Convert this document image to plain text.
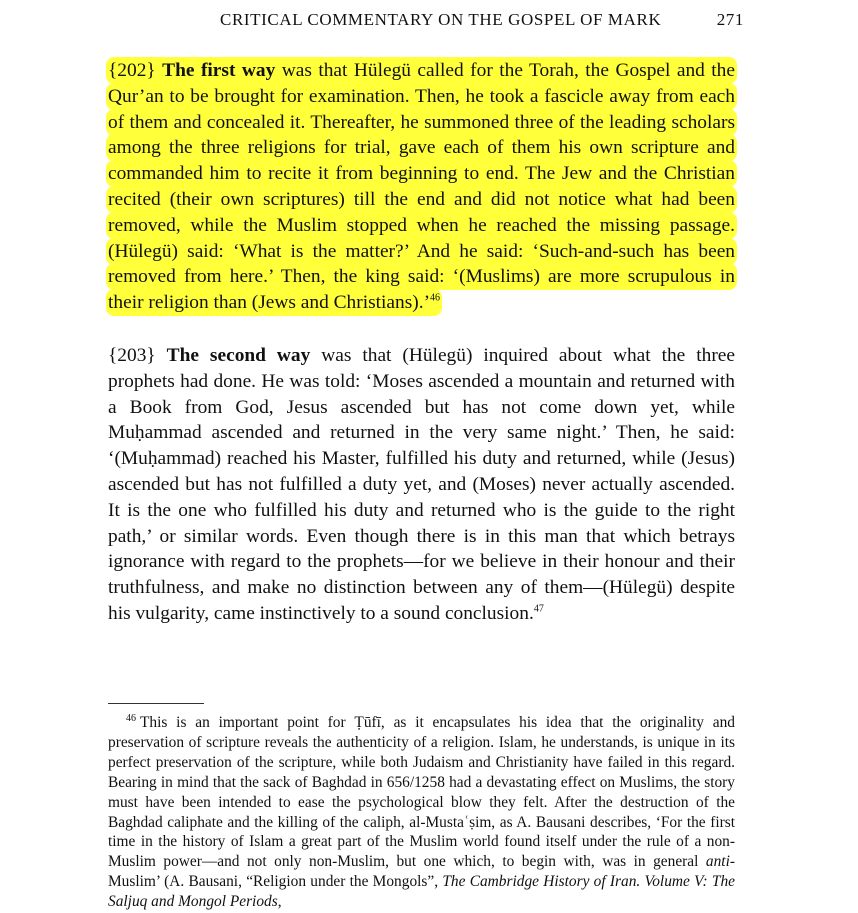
CRITICAL COMMENTARY ON THE GOSPEL OF MARK	271
{202} The first way was that Hülegü called for the Torah, the Gospel and the Qur’an to be brought for examination. Then, he took a fascicle away from each of them and concealed it. Thereafter, he summoned three of the leading scholars among the three religions for trial, gave each of them his own scripture and commanded him to recite it from beginning to end. The Jew and the Christian recited (their own scriptures) till the end and did not notice what had been removed, while the Muslim stopped when he reached the missing passage. (Hülegü) said: ‘What is the matter?’ And he said: ‘Such-and-such has been removed from here.’ Then, the king said: ‘(Muslims) are more scrupulous in their religion than (Jews and Christians).’$^{46}$
{203} The second way was that (Hülegü) inquired about what the three prophets had done. He was told: ‘Moses ascended a mountain and returned with a Book from God, Jesus ascended but has not come down yet, while Muḥammad ascended and returned in the very same night.’ Then, he said: ‘(Muḥammad) reached his Master, fulfilled his duty and returned, while (Jesus) ascended but has not fulfilled a duty yet, and (Moses) never actually ascended. It is the one who fulfilled his duty and returned who is the guide to the right path,’ or similar words. Even though there is in this man that which betrays ignorance with regard to the prophets—for we believe in their honour and their truthfulness, and make no distinction between any of them—(Hülegü) despite his vulgarity, came instinctively to a sound conclusion.$^{47}$
$^{46}$ This is an important point for Ṭūfī, as it encapsulates his idea that the originality and preservation of scripture reveals the authenticity of a religion. Islam, he understands, is unique in its perfect preservation of the scripture, while both Judaism and Christianity have failed in this regard. Bearing in mind that the sack of Baghdad in 656/1258 had a devastating effect on Muslims, the story must have been intended to ease the psychological blow they felt. After the destruction of the Baghdad caliphate and the killing of the caliph, al-Mustaʿṣim, as A. Bausani describes, ‘For the first time in the history of Islam a great part of the Muslim world found itself under the rule of a non-Muslim power—and not only non-Muslim, but one which, to begin with, was in general anti-Muslim’ (A. Bausani, “Religion under the Mongols”, The Cambridge History of Iran. Volume V: The Saljuq and Mongol Periods,
